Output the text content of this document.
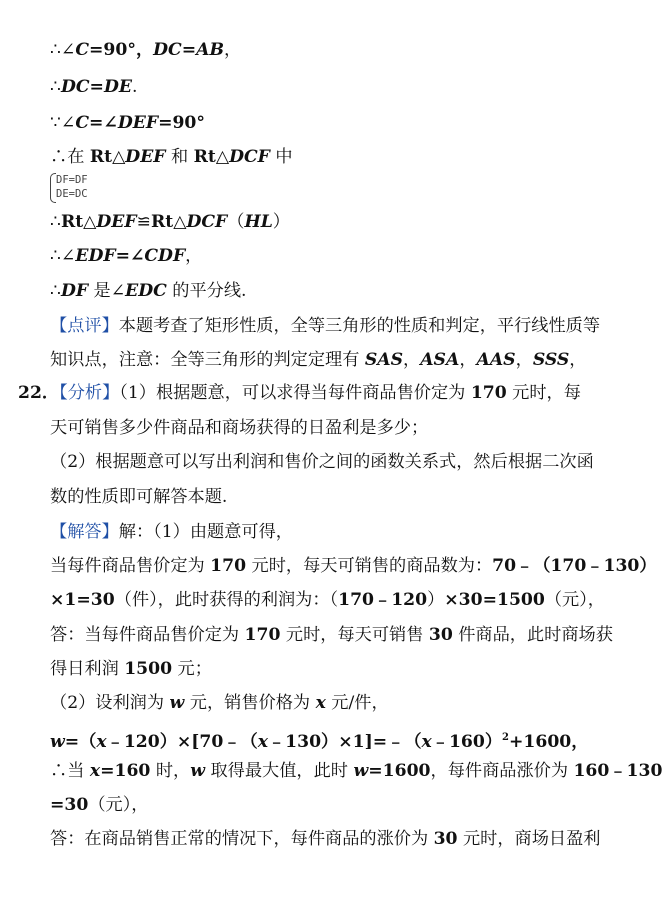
∴∠C=90°，DC=AB，
∴DC=DE.
∵∠C=∠DEF=90°
∴在 Rt△DEF 和 Rt△DCF 中
DF=DF
DE=DC
∴Rt△DEF≌Rt△DCF（HL）
∴∠EDF=∠CDF，
∴DF 是∠EDC 的平分线.
【点评】本题考查了矩形性质，全等三角形的性质和判定，平行线性质等
知识点，注意：全等三角形的判定定理有 SAS，ASA，AAS，SSS，
22．【分析】（1）根据题意，可以求得当每件商品售价定为 170 元时，每
天可销售多少件商品和商场获得的日盈利是多少；
（2）根据题意可以写出利润和售价之间的函数关系式，然后根据二次函
数的性质即可解答本题.
【解答】解：（1）由题意可得，
当每件商品售价定为 170 元时，每天可销售的商品数为：70﹣（170﹣130）
×1=30（件），此时获得的利润为：（170﹣120）×30=1500（元），
答：当每件商品售价定为 170 元时，每天可销售 30 件商品，此时商场获
得日利润 1500 元；
（2）设利润为 w 元，销售价格为 x 元/件，
w=（x﹣120）×[70﹣（x﹣130）×1]=﹣（x﹣160）$^2$+1600，
∴当 x=160 时，w 取得最大值，此时 w=1600，每件商品涨价为 160﹣130
=30（元），
答：在商品销售正常的情况下，每件商品的涨价为 30 元时，商场日盈利
